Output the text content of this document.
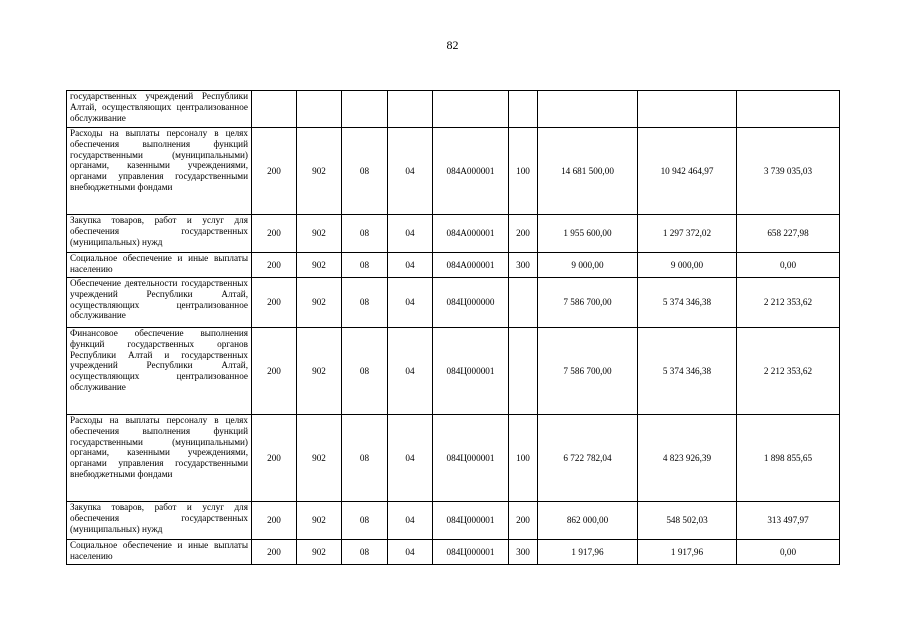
82
государственных учреждений Республики Алтай, осуществляющих централизованное обслуживание									
Расходы на выплаты персоналу в целях обеспечения выполнения функций государственными (муниципальными) органами, казенными учреждениями, органами управления государственными внебюджетными фондами	200	902	08	04	084A000001	100	14 681 500,00	10 942 464,97	3 739 035,03
Закупка товаров, работ и услуг для обеспечения государственных (муниципальных) нужд	200	902	08	04	084A000001	200	1 955 600,00	1 297 372,02	658 227,98
Социальное обеспечение и иные выплаты населению	200	902	08	04	084A000001	300	9 000,00	9 000,00	0,00
Обеспечение деятельности государственных учреждений Республики Алтай, осуществляющих централизованное обслуживание	200	902	08	04	084Ц000000		7 586 700,00	5 374 346,38	2 212 353,62
Финансовое обеспечение выполнения функций государственных органов Республики Алтай и государственных учреждений Республики Алтай, осуществляющих централизованное обслуживание	200	902	08	04	084Ц000001		7 586 700,00	5 374 346,38	2 212 353,62
Расходы на выплаты персоналу в целях обеспечения выполнения функций государственными (муниципальными) органами, казенными учреждениями, органами управления государственными внебюджетными фондами	200	902	08	04	084Ц000001	100	6 722 782,04	4 823 926,39	1 898 855,65
Закупка товаров, работ и услуг для обеспечения государственных (муниципальных) нужд	200	902	08	04	084Ц000001	200	862 000,00	548 502,03	313 497,97
Социальное обеспечение и иные выплаты населению	200	902	08	04	084Ц000001	300	1 917,96	1 917,96	0,00
